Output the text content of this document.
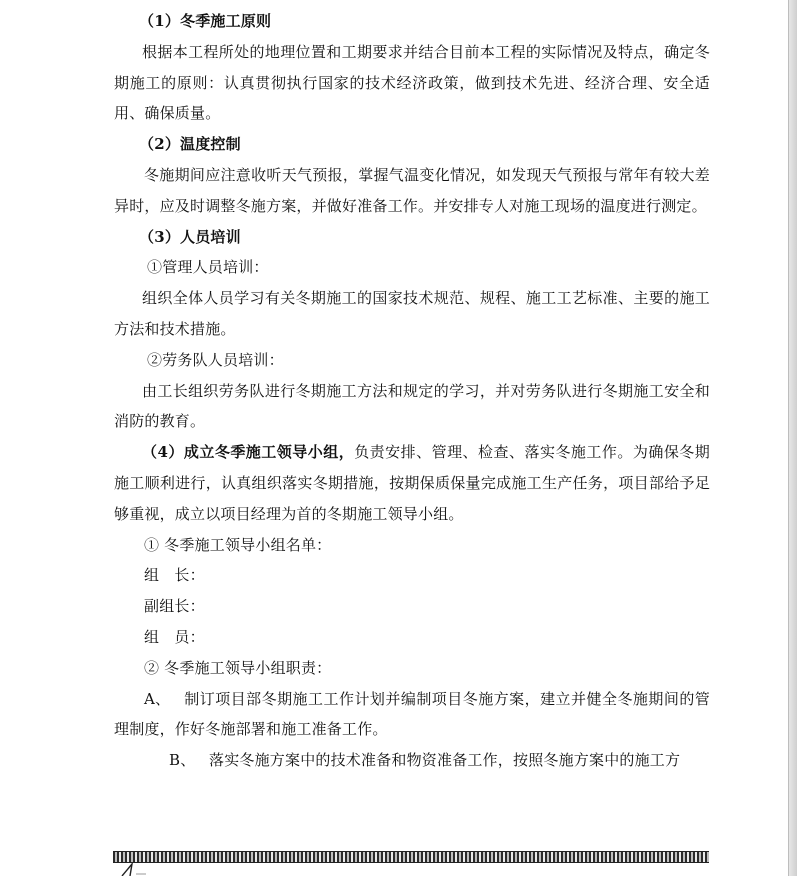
（1）冬季施工原则

根据本工程所处的地理位置和工期要求并结合目前本工程的实际情况及特点，确定冬期施工的原则：认真贯彻执行国家的技术经济政策，做到技术先进、经济合理、安全适用、确保质量。

（2）温度控制

冬施期间应注意收听天气预报，掌握气温变化情况，如发现天气预报与常年有较大差异时，应及时调整冬施方案，并做好准备工作。并安排专人对施工现场的温度进行测定。

（3）人员培训

①管理人员培训：

组织全体人员学习有关冬期施工的国家技术规范、规程、施工工艺标准、主要的施工方法和技术措施。

②劳务队人员培训：

由工长组织劳务队进行冬期施工方法和规定的学习，并对劳务队进行冬期施工安全和消防的教育。

（4）成立冬季施工领导小组，负责安排、管理、检查、落实冬施工作。为确保冬期施工顺利进行，认真组织落实冬期措施，按期保质保量完成施工生产任务，项目部给予足够重视，成立以项目经理为首的冬期施工领导小组。

① 冬季施工领导小组名单：

组　长：

副组长：

组　员：

② 冬季施工领导小组职责：

A、 制订项目部冬期施工工作计划并编制项目冬施方案，建立并健全冬施期间的管理制度，作好冬施部署和施工准备工作。

B、 落实冬施方案中的技术准备和物资准备工作，按照冬施方案中的施工方
